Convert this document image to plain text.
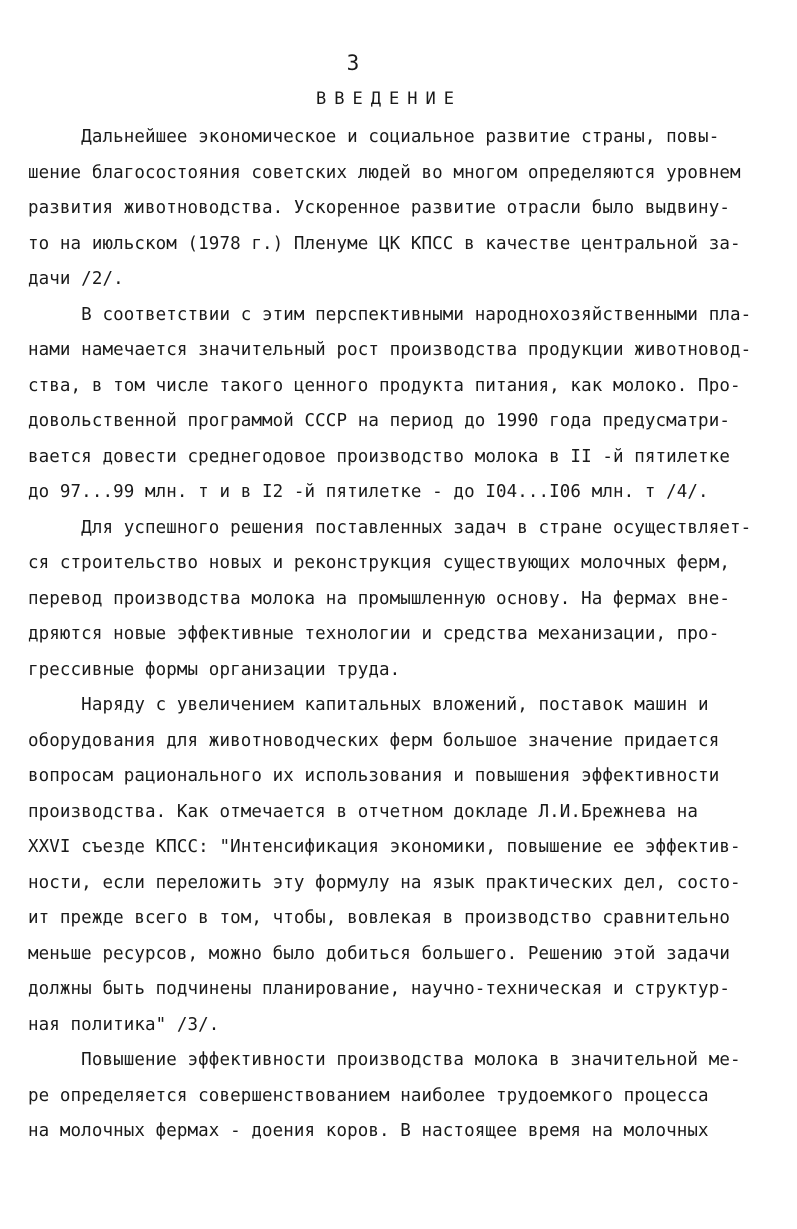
3
ВВЕДЕНИЕ
Дальнейшее экономическое и социальное развитие страны, повы-
шение благосостояния советских людей во многом определяются уровнем
развития животноводства. Ускоренное развитие отрасли было выдвину-
то на июльском (1978 г.) Пленуме ЦК КПСС в качестве центральной за-
дачи /2/.
В соответствии с этим перспективными народнохозяйственными пла-
нами намечается значительный рост производства продукции животновод-
ства, в том числе такого ценного продукта питания, как молоко. Про-
довольственной программой СССР на период до 1990 года предусматри-
вается довести среднегодовое производство молока в II -й пятилетке
до 97...99 млн. т и в I2 -й пятилетке - до I04...I06 млн. т /4/.
Для успешного решения поставленных задач в стране осуществляет-
ся строительство новых и реконструкция существующих молочных ферм,
перевод производства молока на промышленную основу. На фермах вне-
дряются новые эффективные технологии и средства механизации, про-
грессивные формы организации труда.
Наряду с увеличением капитальных вложений, поставок машин и
оборудования для животноводческих ферм большое значение придается
вопросам рационального их использования и повышения эффективности
производства. Как отмечается в отчетном докладе Л.И.Брежнева на
XXVI съезде КПСС: "Интенсификация экономики, повышение ее эффектив-
ности, если переложить эту формулу на язык практических дел, состо-
ит прежде всего в том, чтобы, вовлекая в производство сравнительно
меньше ресурсов, можно было добиться большего. Решению этой задачи
должны быть подчинены планирование, научно-техническая и структур-
ная политика" /3/.
Повышение эффективности производства молока в значительной ме-
ре определяется совершенствованием наиболее трудоемкого процесса
на молочных фермах - доения коров. В настоящее время на молочных
